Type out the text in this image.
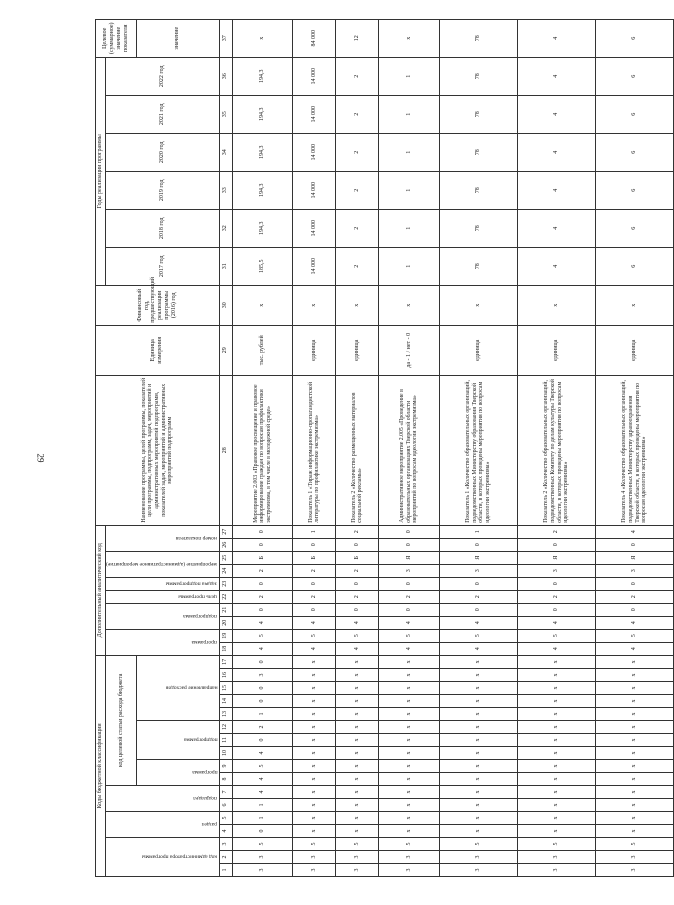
29
Коды бюджетной классификации																	Дополнительный аналитический код										Наименование программы, целей программы, показателей цели программы, подпрограмм, задач, мероприятий и административных мероприятий подпрограмм, показателей задач, мероприятий и административных мероприятий подпрограмм	Единица измерения	Финансовый год, предшествующий реализации программы (2016) год	Годы реализации программы						Целевое (суммарное) значение показателя
код администратора программы			раздел		подраздел		код целевой статьи расхода бюджета										программа		подпрограмма		цель программы	задача подпрограммы	мероприятие (административное мероприятие)		номер показателя					2017 год	2018 год	2019 год	2020 год	2021 год	2022 год	
							программа		подпрограмма			направление расходов																								значение
1	2	3	4	5	6	7	8	9	10	11	12	13	14	15	16	17	18	19	20	21	22	23	24	25	26	27	28	29	30	31	32	33	34	35	36	37
3	3	5	0	1	1	4	4	5	4	0	2	1	0	0	3	0	4	5	4	0	2	0	2	Б	0	0	Мероприятие 2.003 «Правовое просвещение и правовое информирование граждан по вопросам профилактики экстремизма, в том числе в молодежной среде»	тыс. рублей	х	185,5	194,3	194,3	194,3	194,3	194,3	х
3	3	5	х	х	х	х	х	х	х	х	х	х	х	х	х	х	4	5	4	0	2	0	2	Б	0	1	Показатель 1 «Тираж информационно-пропагандистской литературы по профилактике экстремизма»	единица	х	14 000	14 000	14 000	14 000	14 000	14 000	84 000
3	3	5	х	х	х	х	х	х	х	х	х	х	х	х	х	х	4	5	4	0	2	0	2	Б	0	2	Показатель 2 «Количество размещенных материалов социальной рекламы»	единица	х	2	2	2	2	2	2	12
3	3	5	х	х	х	х	х	х	х	х	х	х	х	х	х	х	4	5	4	0	2	0	3	Я	0	0	Административное мероприятие 2.005 «Проведение в образовательных организациях Тверской области мероприятий по вопросам идеологии экстремизма»	да - 1 / нет - 0	х	1	1	1	1	1	1	х
3	3	5	х	х	х	х	х	х	х	х	х	х	х	х	х	х	4	5	4	0	2	0	3	Я	0	1	Показатель 1 «Количество образовательных организаций, подведомственных Министерству образования Тверской области, в которых проведены мероприятия по вопросам идеологии экстремизма»	единица	х	78	78	78	78	78	78	78
3	3	5	х	х	х	х	х	х	х	х	х	х	х	х	х	х	4	5	4	0	2	0	3	Я	0	2	Показатель 2 «Количество образовательных организаций, подведомственных Комитету по делам культуры Тверской области, в которых проведены мероприятия по вопросам идеологии экстремизма»	единица	х	4	4	4	4	4	4	4
3	3	5	х	х	х	х	х	х	х	х	х	х	х	х	х	х	4	5	4	0	2	0	3	Я	0	4	Показатель 4 «Количество образовательных организаций, подведомственных Министерству здравоохранения Тверской области, в которых проведены мероприятия по вопросам идеологии экстремизма»	единица	х	6	6	6	6	6	6	6
